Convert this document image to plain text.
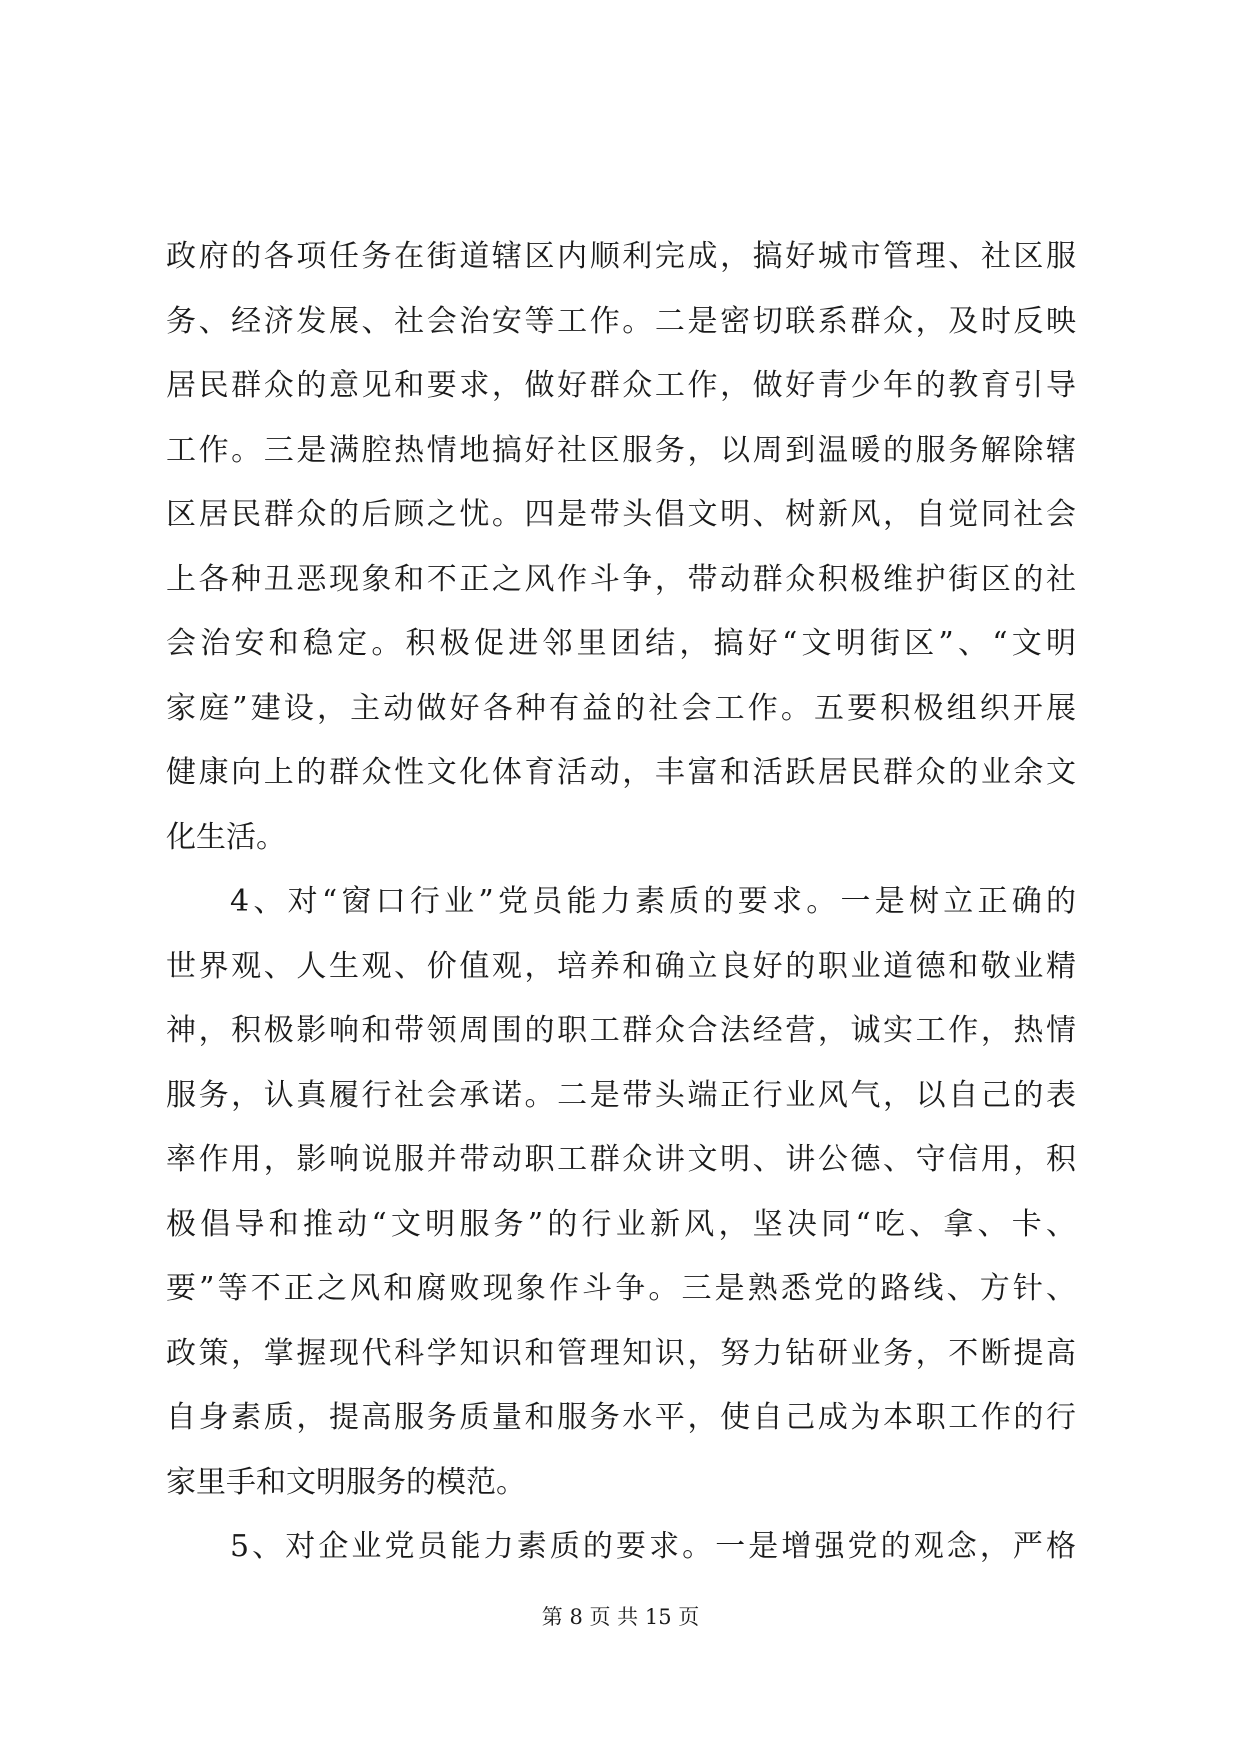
政府的各项任务在街道辖区内顺利完成，搞好城市管理、社区服
务、经济发展、社会治安等工作。二是密切联系群众，及时反映
居民群众的意见和要求，做好群众工作，做好青少年的教育引导
工作。三是满腔热情地搞好社区服务，以周到温暖的服务解除辖
区居民群众的后顾之忧。四是带头倡文明、树新风，自觉同社会
上各种丑恶现象和不正之风作斗争，带动群众积极维护街区的社
会治安和稳定。积极促进邻里团结，搞好“文明街区”、“文明
家庭”建设，主动做好各种有益的社会工作。五要积极组织开展
健康向上的群众性文化体育活动，丰富和活跃居民群众的业余文
化生活。
4、对“窗口行业”党员能力素质的要求。一是树立正确的
世界观、人生观、价值观，培养和确立良好的职业道德和敬业精
神，积极影响和带领周围的职工群众合法经营，诚实工作，热情
服务，认真履行社会承诺。二是带头端正行业风气，以自己的表
率作用，影响说服并带动职工群众讲文明、讲公德、守信用，积
极倡导和推动“文明服务”的行业新风，坚决同“吃、拿、卡、
要”等不正之风和腐败现象作斗争。三是熟悉党的路线、方针、
政策，掌握现代科学知识和管理知识，努力钻研业务，不断提高
自身素质，提高服务质量和服务水平，使自己成为本职工作的行
家里手和文明服务的模范。
5、对企业党员能力素质的要求。一是增强党的观念，严格
第 8 页 共 15 页
